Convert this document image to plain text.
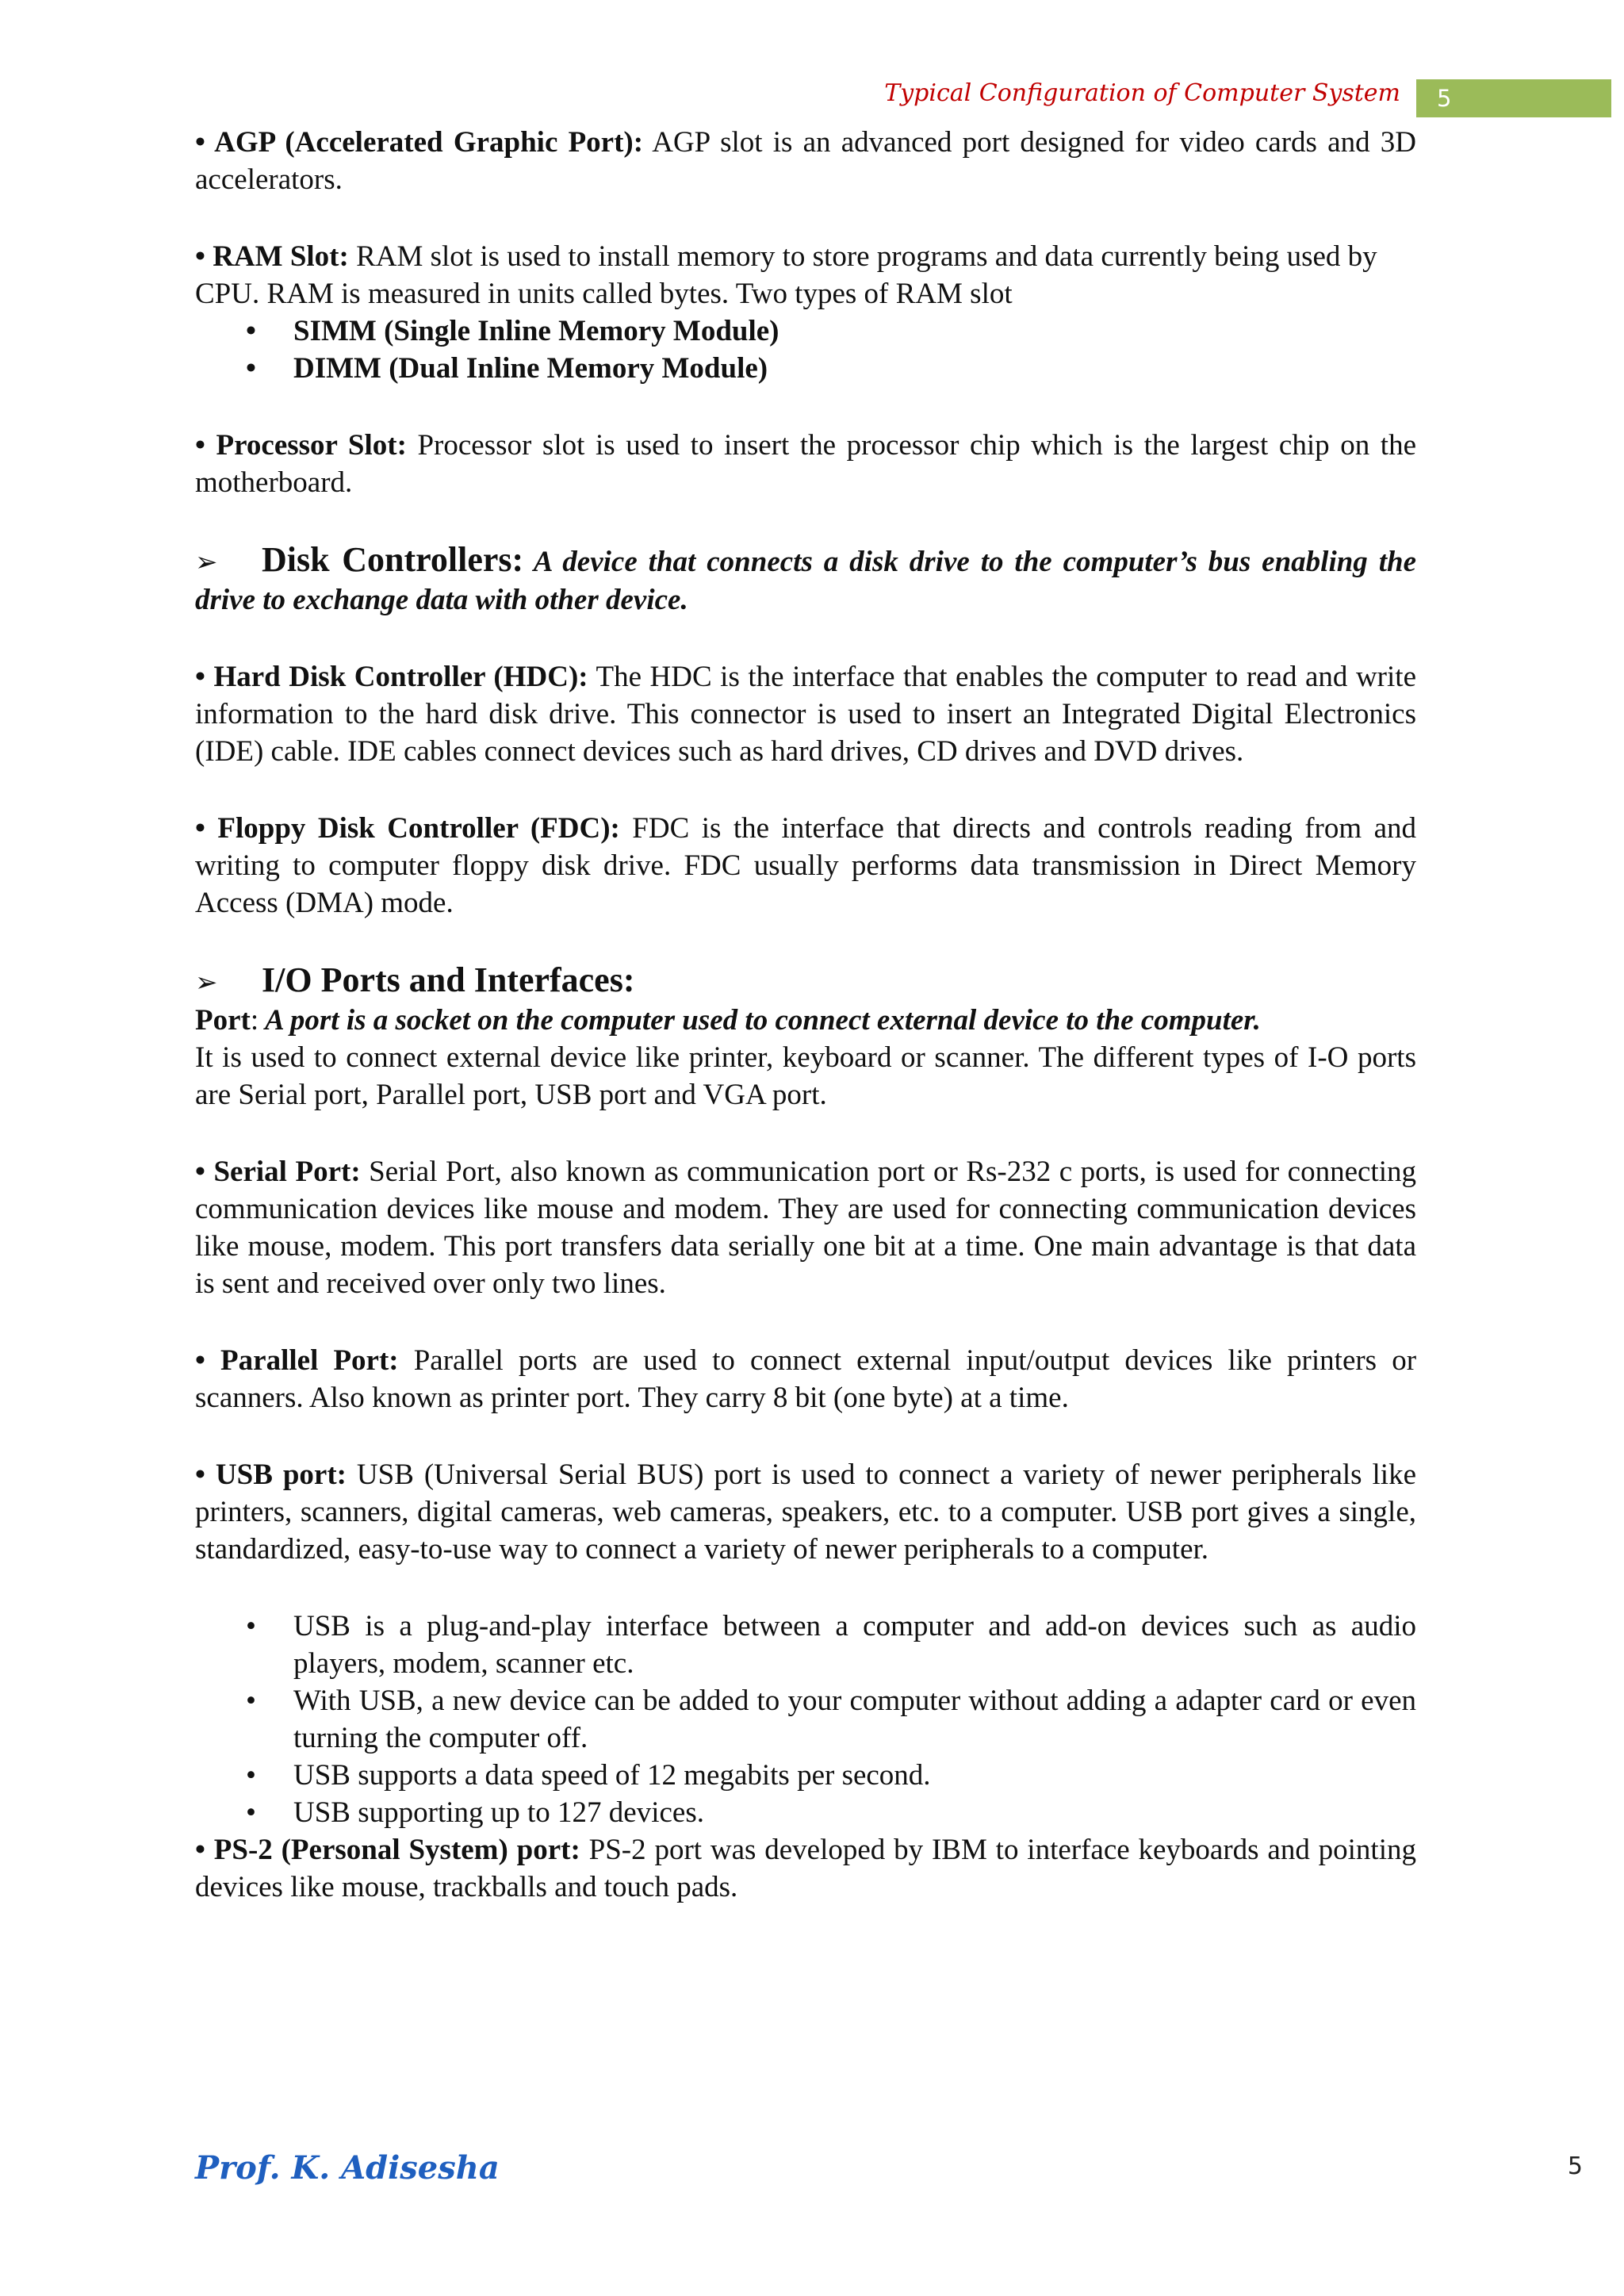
Typical Configuration of Computer System	5

• AGP (Accelerated Graphic Port): AGP slot is an advanced port designed for video cards and 3D accelerators.

• RAM Slot: RAM slot is used to install memory to store programs and data currently being used by

CPU. RAM is measured in units called bytes. Two types of RAM slot

• SIMM (Single Inline Memory Module)
• DIMM (Dual Inline Memory Module)

• Processor Slot: Processor slot is used to insert the processor chip which is the largest chip on the motherboard.

➢ Disk Controllers: A device that connects a disk drive to the computer’s bus enabling the drive to exchange data with other device.

• Hard Disk Controller (HDC): The HDC is the interface that enables the computer to read and write information to the hard disk drive. This connector is used to insert an Integrated Digital Electronics (IDE) cable. IDE cables connect devices such as hard drives, CD drives and DVD drives.

• Floppy Disk Controller (FDC): FDC is the interface that directs and controls reading from and writing to computer floppy disk drive. FDC usually performs data transmission in Direct Memory Access (DMA) mode.

➢ I/O Ports and Interfaces:

Port: A port is a socket on the computer used to connect external device to the computer.

It is used to connect external device like printer, keyboard or scanner. The different types of I-O ports are Serial port, Parallel port, USB port and VGA port.

• Serial Port: Serial Port, also known as communication port or Rs-232 c ports, is used for connecting communication devices like mouse and modem. They are used for connecting communication devices like mouse, modem. This port transfers data serially one bit at a time. One main advantage is that data is sent and received over only two lines.

• Parallel Port: Parallel ports are used to connect external input/output devices like printers or scanners. Also known as printer port. They carry 8 bit (one byte) at a time.

• USB port: USB (Universal Serial BUS) port is used to connect a variety of newer peripherals like printers, scanners, digital cameras, web cameras, speakers, etc. to a computer. USB port gives a single, standardized, easy-to-use way to connect a variety of newer peripherals to a computer.

• USB is a plug-and-play interface between a computer and add-on devices such as audio players, modem, scanner etc.
• With USB, a new device can be added to your computer without adding a adapter card or even turning the computer off.
• USB supports a data speed of 12 megabits per second.
• USB supporting up to 127 devices.

• PS-2 (Personal System) port: PS-2 port was developed by IBM to interface keyboards and pointing devices like mouse, trackballs and touch pads.

Prof. K. Adisesha	5
